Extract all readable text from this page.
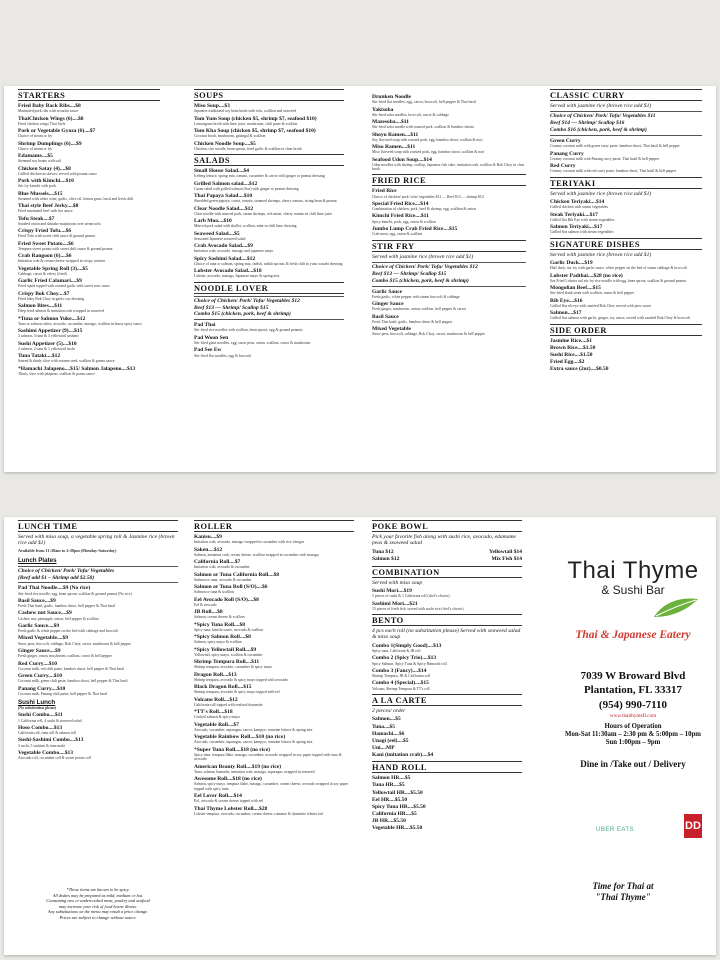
STARTERS
Fried Baby Back Ribs....$8
Marinated pork ribs with sriracha sauce
ThaiChicken Wings (6)....$8
Fried chicken wings Thai Style
Pork or Vegetable Gyoza (6)....$7
Choice of steam or fry
Shrimp Dumplings (6)....$9
Choice of steam or fry
Edamame....$5
Steamed soy beans with salt
Chicken Satay (4)....$8
Grilled chicken in skewer, served with peanut sauce
Pork with Kimchi....$10
Stir fry kimchi with pork
Blue Mussels....$15
Steamed with white wine, garlic, olive oil, lemon grass, basil and fresh chili
Thai style Beef Jerky....$8
Fried marinated beef with hot sauce
Tofu Steak....$7
Sautéed onion and shiitake mushroom over steam tofu
Crispy Fried Tofu....$6
Fried Tofu with sweet chili sauce & ground peanut
Fried Sweet Potato....$6
Tempura sweet potato with sweet chili sauce & ground peanut
Crab Rangoon (6)....$6
Imitation crab & cream cheese wrapped in crispy wonton
Vegetable Spring Roll (3)....$5
Cabbage, carrot & celery (fried)
Garlic Fried Calamari....$9
Fried squid topped with roasted garlic with sweet sour sauce
Crispy Bok Choy....$7
Fried baby Bok Choy in garlic soy dressing
Salmon Bites....$11
Deep fried salmon & imitation crab wrapped in seaweed
*Tuna or Salmon Yuke....$12
Tuna or salmon cubes, avocado, cucumber, masago, scallion in house spicy sauce
Sashimi Appetizer (9)....$15
3 salmon, 3 tuna & 3 yellowtail sashimi
Sushi Appetizer (5)....$10
2 salmon, 2 tuna & 1 yellowtail sushi
Tuna Tataki....$12
Seared & thinly slice with sesame seed, scallion & ponzu sauce
*Hamachi Jalapeno....$15/ Salmon Jalapeno....$13
Thinly slice with jalapeno, scallion & ponzu sauce
SOUPS
Miso Soup....$3
Japanese traditional soy bean broth with tofu, scallion and seaweed
Tom Yum Soup (chicken $5, shrimp $7, seafood $10)
Lemongrass broth with lime juice, mushroom, chili paste & scallion
Tom Kha Soup (chicken $5, shrimp $7, seafood $10)
Coconut broth, mushroom, galangal & scallion
Chicken Noodle Soup....$5
Chicken, rice noodle, bean sprout, fried garlic & scallion in clear broth
SALADS
Small House Salad....$4
Iceberg lettuce, spring mix, tomato, cucumber & carrot with ginger or peanut dressing
Grilled Salmon salad....$12
Green salad with grilled salmon (6oz) with ginger or peanut dressing
Thai Papaya Salad....$10
Shredded green papaya, carrot, tomato, steamed shrimps, cherry tomato, string bean & peanut
Clear Noodle Salad....$12
Clear noodle with minced pork, steam shrimps, red onion, cherry tomato in chili lime juice
Larb Moo....$10
Minced pork salad with shallot, scallion, mint in chili lime dressing
Seaweed Salad....$5
Seasoned Japanese seaweed salad
Crab Avocado Salad....$9
Imitation crab, avocado, masago and japanese mayo
Spicy Sashimi Salad....$12
Choice of tuna or salmon, spring mix, radish, radish sprouts & fresh chili in yuzu wasabi dressing
Lobster Avocado Salad....$18
Lobster, avocado, masago, Japanese mayo & spring mix
NOODLE LOVER
Choice of Chicken/ Pork/ Tofu/ Vegetables $12
Beef $13 — Shrimp/ Scallop $15
Combo $15 (chicken, pork, beef & shrimp)
Pad Thai
Stir-fried rice noodles with scallion, bean sprout, egg & ground peanuts
Pad Woon Sen
Stir-fried glass noodles, egg, snow peas, onion, scallion, carrot & mushroom
Pad See Ew
Stir-fried flat noodles, egg & broccoli
Drunken Noodle
Stir-fried flat noodles, egg, carrot, broccoli, bell pepper & Thai basil
Yakisoba
Stir-fried soba noodles, broccoli, carrot & cabbage
Mazesoba....$11
Stir-fried soba noodle with roasted pork, scallion & bamboo shoots
Shoyu Ramen....$11
Soy flavored soup with roasted pork, egg, bamboo shoot, scallion & nori
Miso Ramen....$11
Miso flavored soup with roasted pork, egg, bamboo shoot, scallion & nori
Seafood Udon Soup....$14
Udon noodles with shrimp, scallop, Japanese fish cake, imitation crab, scallion & Bok Choy in clear broth
FRIED RICE
Fried Rice
Choice of chicken/ pork/ tofu/ vegetables $11 — Beef $13 — shrimp $14
Special Fried Rice....$14
Combination of chicken, pork, beef & shrimp, egg, scallion & onion
Kimchi Fried Rice....$11
Spicy kimchi, pork, egg, onion & scallion
Jumbo Lump Crab Fried Rice....$15
Crab meat, egg, onion & scallion
STIR FRY
Served with jasmine rice (brown rice add $1)
Choice of Chicken/ Pork/ Tofu/ Vegetables $12
Beef $13 — Shrimp/ Scallop $15
Combo $15 (chicken, pork, beef & shrimp)
Garlic Sauce
Fresh garlic, white pepper with steam broccoli & cabbage
Ginger Sauce
Fresh ginger, mushroom, onion, scallion, bell pepper & carrot
Basil Sauce
Fresh Thai basil, garlic, bamboo shoot & bell pepper
Mixed Vegetable
Snow peas, broccoli, cabbage, Bok Choy, carrot, mushroom & bell pepper
CLASSIC CURRY
Served with jasmine rice (brown rice add $1)
Choice of Chicken/ Pork/ Tofu/ Vegetables $11
Beef $14 — Shrimp/ Scallop $16
Combo $16 (chicken, pork, beef & shrimp)
Green Curry
Creamy coconut milk with green curry paste, bamboo shoot, Thai basil & bell pepper
Panang Curry
Creamy coconut milk with Panang curry paste, Thai basil & bell pepper
Red Curry
Creamy coconut milk with red curry paste, bamboo shoot, Thai basil & bell pepper
TERIYAKI
Served with jasmine rice (brown rice add $1)
Chicken Teriyaki....$14
Grilled chicken with steam vegetables
Steak Teriyaki....$17
Grilled flat Rib Eye with steam vegetables
Salmon Teriyaki....$17
Grilled 6oz salmon with steam vegetables
SIGNATURE DISHES
Served with jasmine rice (brown rice add $1)
Garlic Duck....$19
Half duck, stir fry with garlic sauce, white pepper on the bed of steam cabbage & broccoli
Lobster Padthai....$28 (no rice)
6oz Fried Lobster tail stir fry rice noodle with egg, bean sprout, scallion & ground peanut
Mongolian Beef....$15
Stir-fried flank steak with scallion, onion & bell pepper
Rib Eye....$16
Grilled 8oz rib eye with sautéed Bok Choy served with jaew sauce
Salmon....$17
Grilled 6oz salmon with garlic, ginger, soy sauce, served with sautéed Bok Choy & broccoli
SIDE ORDER
Jasmine Rice....$1
Brown Rice....$1.50
Sushi Rice....$1.50
Fried Egg....$2
Extra sauce (2oz)....$0.50
LUNCH TIME
Served with miso soup, a vegetable spring roll & Jasmine rice (brown rice add $1)
Available from 11:30am to 2:30pm (Monday-Saturday)
Lunch Plates
Choice of Chicken/ Pork/ Tofu/ Vegetables
(Beef add $1 – Shrimp add $2.50)
Pad Thai Noodle....$9 (No rice)
Stir-fried rice noodle, egg, bean sprout, scallion & ground peanut (No rice)
Basil Sauce....$9
Fresh Thai basil, garlic, bamboo shoot, bell pepper & Thai basil
Cashew nut Sauce....$9
Cashew nut, pineapple, onion, bell pepper & scallion
Garlic Sauce....$9
Fresh garlic & white pepper on the bed with cabbage and broccoli
Mixed Vegetable....$9
Snow peas, broccoli, cabbage, Bok Choy, carrot, mushroom & bell pepper
Ginger Sauce....$9
Fresh ginger, onion, mushroom, scallion, carrot & bell pepper
Red Curry....$10
Coconut milk, red chili paste, bamboo shoot, bell pepper & Thai basil
Green Curry....$10
Coconut milk, green chili paste, bamboo shoot, bell pepper & Thai basil
Panang Curry....$10
Coconut milk, Panang chili paste, bell pepper & Thai basil
Sushi Lunch
(No substitution please)
Sushi Combo....$11
1 California roll, 4 sushi & seaweed salad
Hoso Combo....$13
California roll, tuna roll & salmon roll
Sushi-Sashimi Combo....$13
3 sushi, 5 sashimi & tuna maki
Vegetable Combo....$13
Avocado roll, cucumber roll & sweet potato roll
*These items are known to be spicy.
All dishes may be prepared as mild, medium or hot.
Consuming raw or undercooked meat, poultry and seafood
may increase your risk of food borne illness.
Any substitutions on the menu may result a price change.
Prices are subject to change without notice.
ROLLER
Kanisu....$9
Imitation crab, avocado, masago wrapped in cucumber with rice vinegar
Saken....$12
Salmon, imitation crab, cream cheese, scallion wrapped in cucumber with masago
California Roll....$7
Imitation crab, avocado & cucumber
Salmon or Tuna California Roll....$8
Salmon or tuna, avocado & cucumber
Salmon or Tuna Roll (S/O)....$6
Salmon or tuna & scallion
Eel Avocado Roll (S/O)....$8
Eel & avocado
JB Roll....$8
Salmon, cream cheese & scallion
*Spicy Tuna Roll....$8
Spicy tuna, kimchi sauce, avocado & scallion
*Spicy Salmon Roll....$8
Salmon, spicy mayo & scallion
*Spicy Yellowtail Roll....$9
Yellowtail, spicy mayo, scallion & cucumber
Shrimp Tempura Roll....$11
Shrimp tempura, avocado, cucumber & spicy mayo
Dragon Roll....$13
Shrimp tempura, avocado & spicy mayo topped with avocado
Black Dragon Roll....$15
Shrimp tempura, avocado & spicy mayo topped with eel
Volcano Roll....$12
California roll topped with seafood dynamite
*TT's Roll....$18
Cooked salmon & spicy mayo
Vegetable Roll....$7
Avocado, cucumber, asparagus, carrot, kampyo, romaine lettuce & spring mix
Vegetable Rainbow Roll....$10 (no rice)
Avocado, cucumber, asparagus, carrot, kampyo, romaine lettuce & spring mix
*Super Tuna Roll....$18 (no rice)
Spicy tuna, tempura flake, masago, cucumber, avocado wrapped in soy paper topped with tuna & avocado
American Beauty Roll....$19 (no rice)
Tuna, salmon, hamachi, imitation crab, masago, asparagus wrapped in seaweed
Awesome Roll....$18 (no rice)
Salmon, spicy mayo, tempura flake, masago, cucumber, cream cheese, avocado wrapped in soy paper topped with spicy tuna
Eel Lover Roll....$14
Eel, avocado & cream cheese topped with eel
Thai Thyme Lobster Roll....$28
Lobster tempura, avocado, cucumber, cream cheese, romaine & dynamite lobster tail
POKE BOWL
Pick your favorite fish along with sushi rice, avocado, edamame peas & seaweed salad
Tuna $12	Yellowtail $14
Salmon $12	Mix Fish $14
COMBINATION
Served with miso soup
Sushi Mori....$19
5 pieces of sushi & 1 California roll (chef's choice)
Sashimi Mori....$21
15 pieces of fresh fish, served with sushi rice (chef's choice)
BENTO
4 pcs each roll (no substitution please) Served with seaweed salad & miso soup
Combo 1(Simply Good)....$13
Spicy tuna, California & JB roll
Combo 2 (Spicy Trio)....$13
Spicy Salmon, Spicy Tuna & Spicy Hamachi roll
Combo 3 (Fancy)....$14
Shrimp Tempura, JB & California roll
Combo 4 (Special)....$15
Volcano, Shrimp Tempura & TT's roll
A LA CARTE
2 pieces/ order
Salmon....$5
Tuna....$5
Hamachi....$6
Unagi (eel)....$5
Uni....MP
Kani (imitation crab)....$4
HAND ROLL
Salmon HR....$5
Tuna HR....$5
Yellowtail HR....$5.50
Eel HR....$5.50
Spicy Tuna HR....$5.50
California HR....$5
JB HR....$5.50
Vegetable HR....$5.50
Thai Thyme
& Sushi Bar
Thai & Japanese Eatery
7039 W Broward Blvd
Plantation, FL 33317
(954) 990-7110
www.thaithymefl.com
Hours of Operation
Mon-Sat 11:30am – 2:30 pm & 5:00pm – 10pm
Sun 1:00pm – 9pm
Dine in /Take out / Delivery
UBER EATS	DD
Time for Thai at
"Thai Thyme"
